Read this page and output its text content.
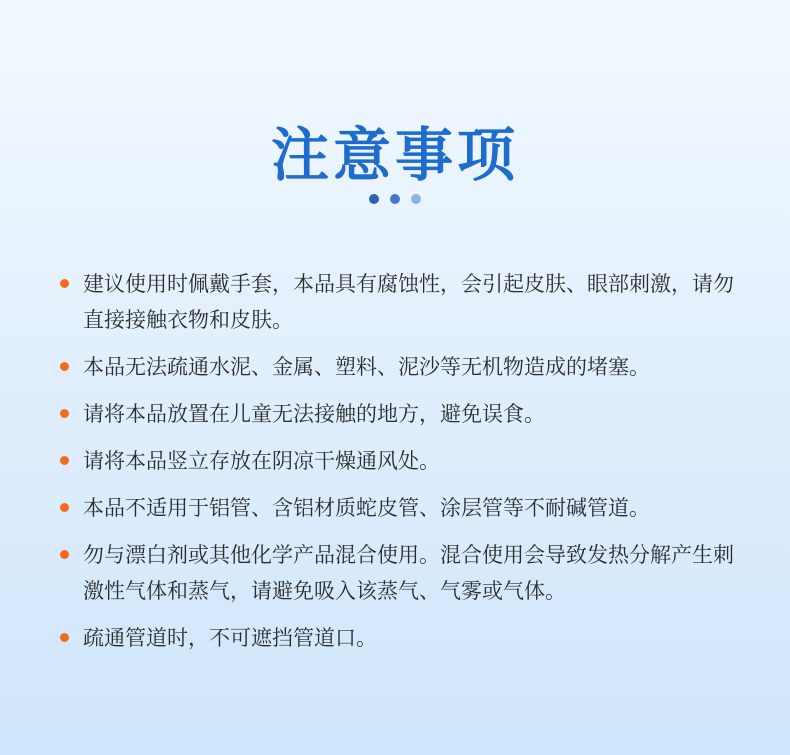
注意事项
建议使用时佩戴手套，本品具有腐蚀性，会引起皮肤、眼部刺激，请勿直接接触衣物和皮肤。
本品无法疏通水泥、金属、塑料、泥沙等无机物造成的堵塞。
请将本品放置在儿童无法接触的地方，避免误食。
请将本品竖立存放在阴凉干燥通风处。
本品不适用于铝管、含铝材质蛇皮管、涂层管等不耐碱管道。
勿与漂白剂或其他化学产品混合使用。混合使用会导致发热分解产生刺激性气体和蒸气，请避免吸入该蒸气、气雾或气体。
疏通管道时，不可遮挡管道口。
